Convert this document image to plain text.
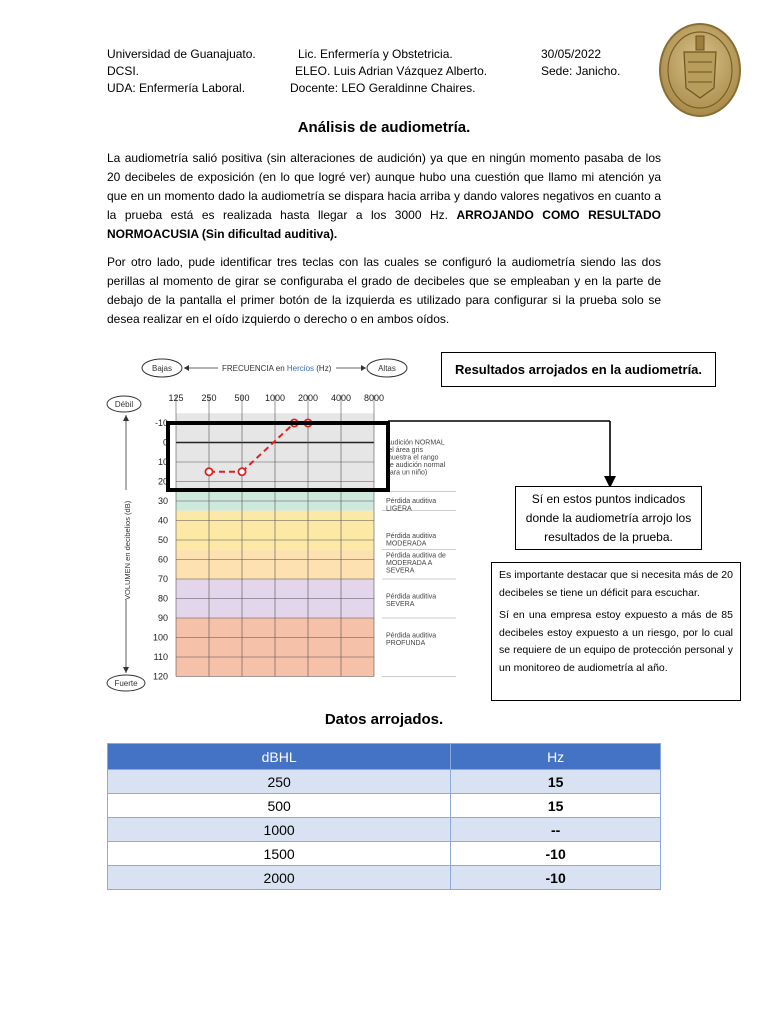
Universidad de Guanajuato.
DCSI.
UDA: Enfermería Laboral.
Lic. Enfermería y Obstetricia.
ELEO. Luis Adrian Vázquez Alberto.
Docente: LEO Geraldinne Chaires.
30/05/2022
Sede: Janicho.
Análisis de audiometría.
La audiometría salió positiva (sin alteraciones de audición) ya que en ningún momento pasaba de los 20 decibeles de exposición (en lo que logré ver) aunque hubo una cuestión que llamo mi atención ya que en un momento dado la audiometría se dispara hacia arriba y dando valores negativos en cuanto a la prueba está es realizada hasta llegar a los 3000 Hz. ARROJANDO COMO RESULTADO NORMOACUSIA (Sin dificultad auditiva).
Por otro lado, pude identificar tres teclas con las cuales se configuró la audiometría siendo las dos perillas al momento de girar se configuraba el grado de decibeles que se empleaban y en la parte de debajo de la pantalla el primer botón de la izquierda es utilizado para configurar si la prueba solo se desea realizar en el oído izquierdo o derecho o en ambos oídos.
Bajas	FRECUENCIA en Hercios (Hz)	Altas
125 250 500 1000 2000 4000 8000
-10
0
10
20
30
40
50
60
70
80
90
100
110
120
Débil
Fuerte
VOLUMEN en decibelios (dB)
Audición NORMAL (el área gris muestra el rango de audición normal para un niño)
Pérdida auditiva LIGERA
Pérdida auditiva MODERADA
Pérdida auditiva de MODERADA A SEVERA
Pérdida auditiva SEVERA
Pérdida auditiva PROFUNDA
Resultados arrojados en la audiometría.
Sí en estos puntos indicados donde la audiometría arrojo los resultados de la prueba.
Es importante destacar que si necesita más de 20 decibeles se tiene un déficit para escuchar.
Sí en una empresa estoy expuesto a más de 85 decibeles estoy expuesto a un riesgo, por lo cual se requiere de un equipo de protección personal y un monitoreo de audiometría al año.
Datos arrojados.
dBHL	Hz
250	15
500	15
1000	--
1500	-10
2000	-10
